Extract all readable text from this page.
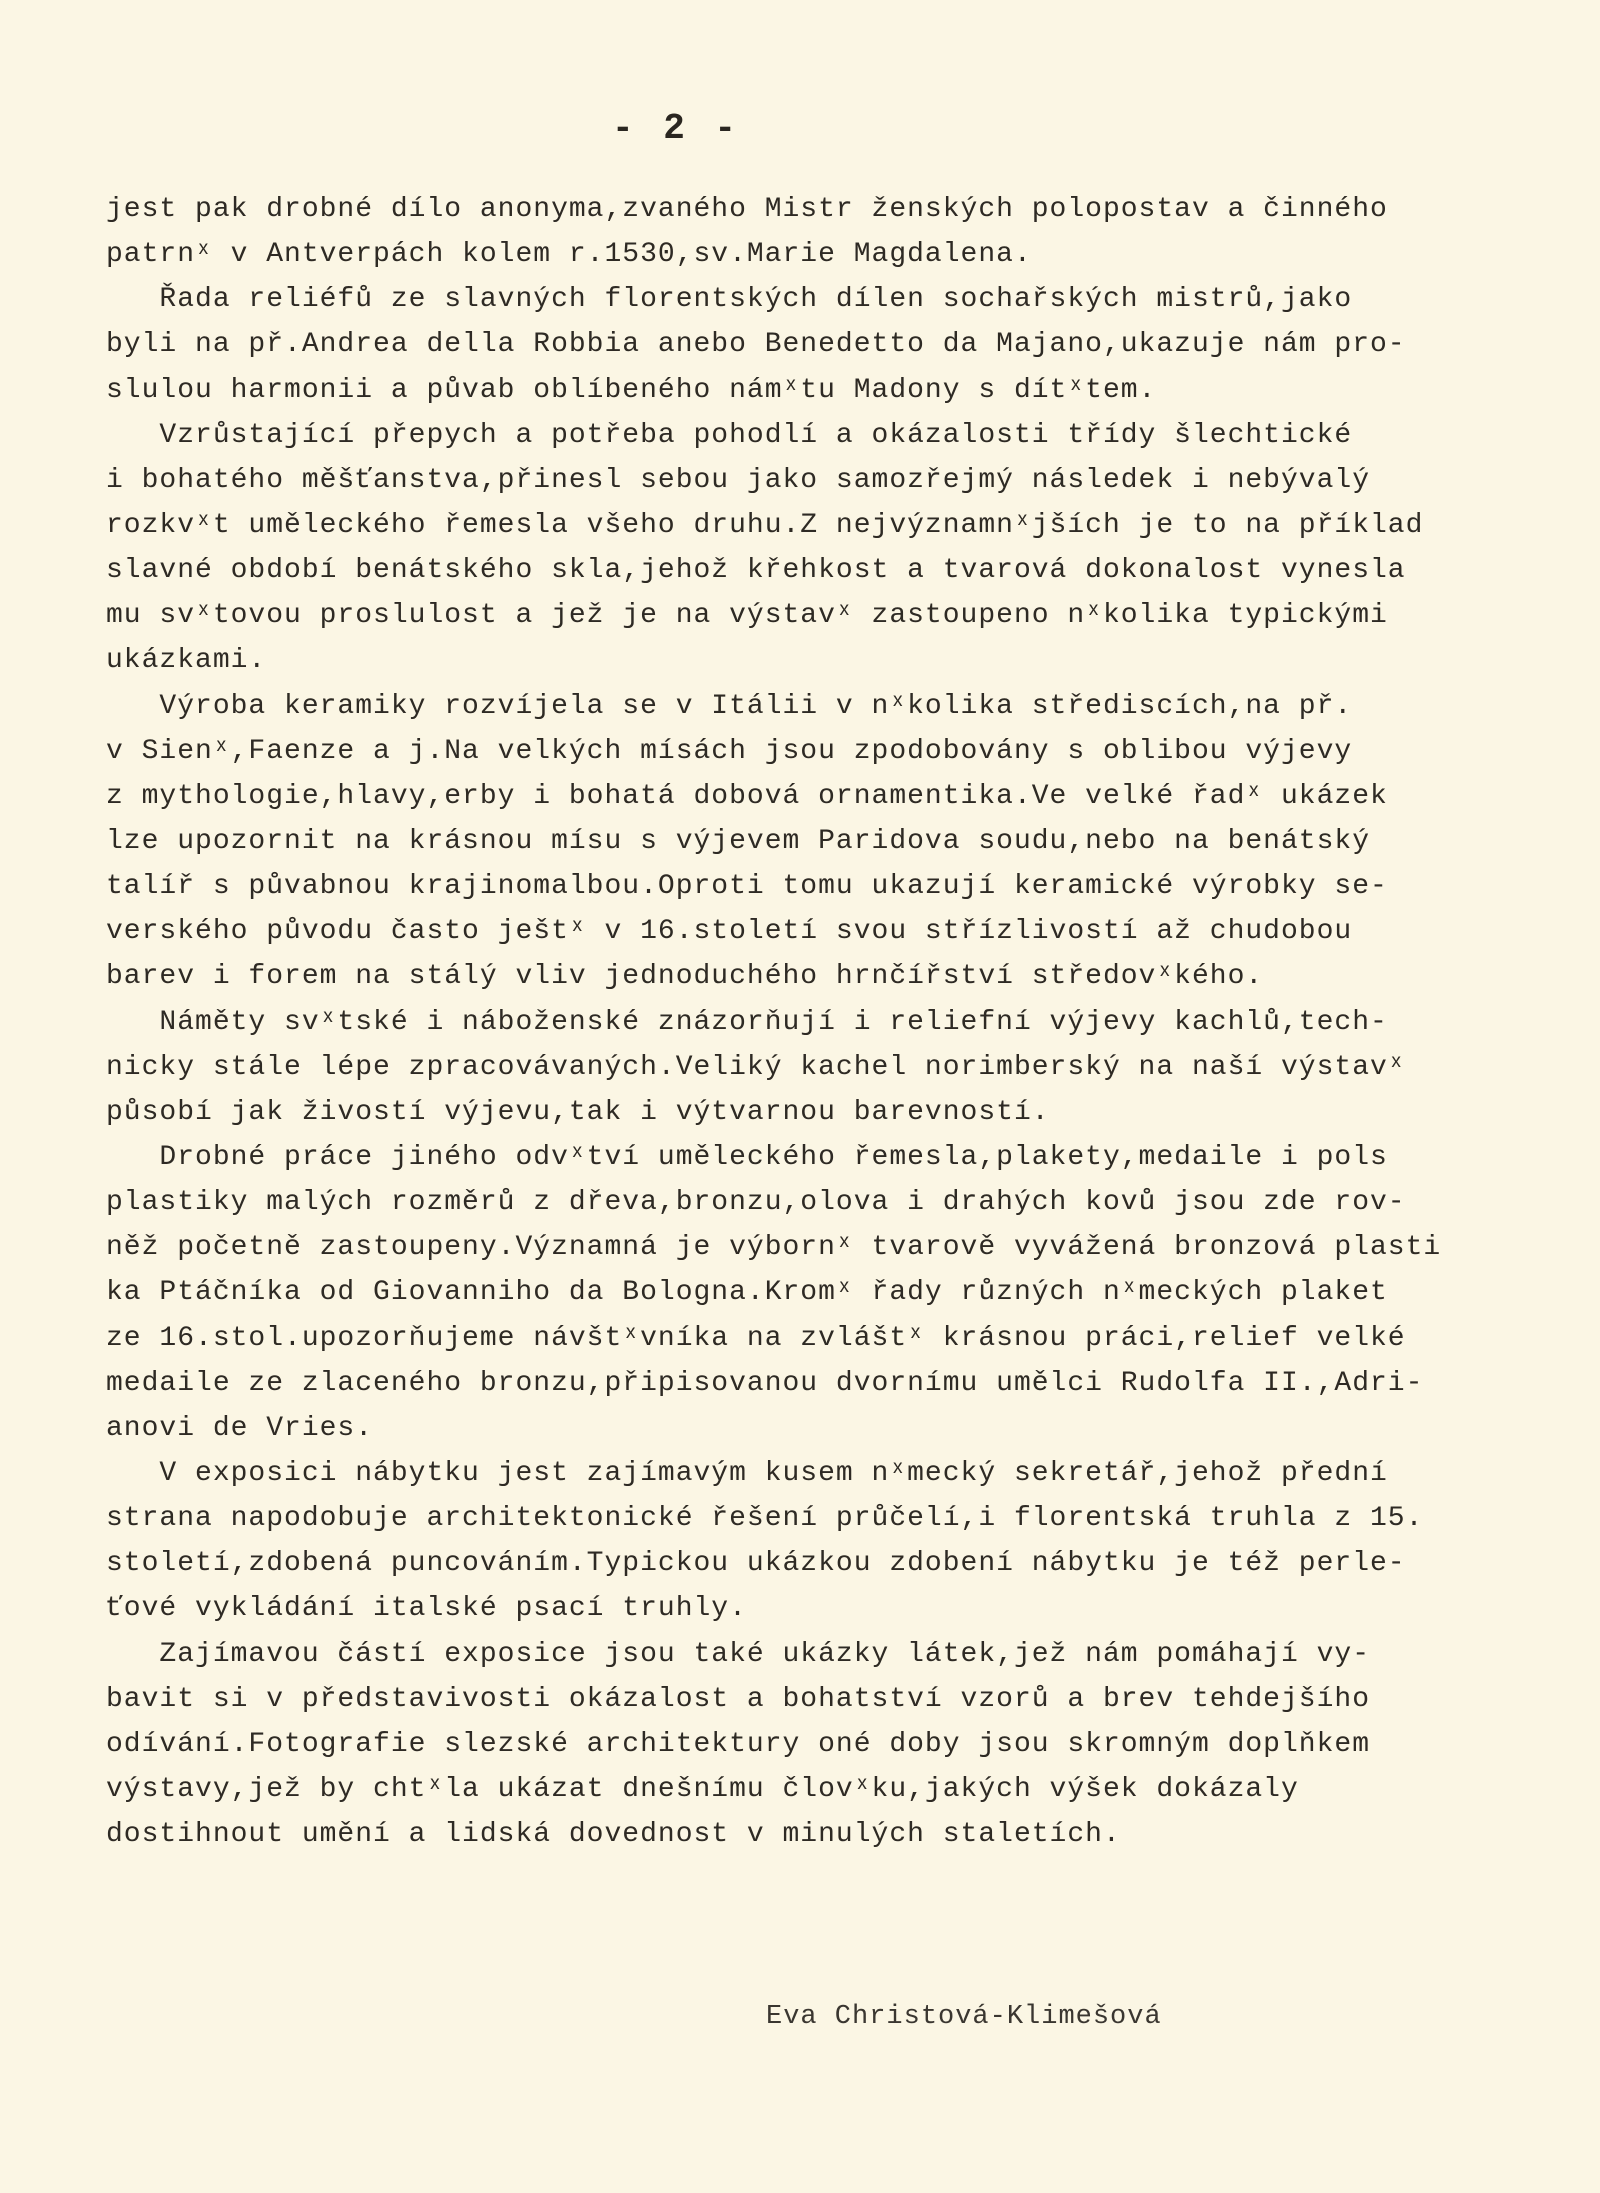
- 2 -
jest pak drobné dílo anonyma,zvaného Mistr ženských polopostav a činného
patrnˣ v Antverpách kolem r.1530,sv.Marie Magdalena.
Řada reliéfů ze slavných florentských dílen sochařských mistrů,jako
byli na př.Andrea della Robbia anebo Benedetto da Majano,ukazuje nám pro-
slulou harmonii a půvab oblíbeného námˣtu Madony s dítˣtem.
Vzrůstající přepych a potřeba pohodlí a okázalosti třídy šlechtické
i bohatého měšťanstva,přinesl sebou jako samozřejmý následek i nebývalý
rozkvˣt uměleckého řemesla všeho druhu.Z nejvýznamnˣjších je to na příklad
slavné období benátského skla,jehož křehkost a tvarová dokonalost vynesla
mu svˣtovou proslulost a jež je na výstavˣ zastoupeno nˣkolika typickými
ukázkami.
Výroba keramiky rozvíjela se v Itálii v nˣkolika střediscích,na př.
v Sienˣ,Faenze a j.Na velkých mísách jsou zpodobovány s oblibou výjevy
z mythologie,hlavy,erby i bohatá dobová ornamentika.Ve velké řadˣ ukázek
lze upozornit na krásnou mísu s výjevem Paridova soudu,nebo na benátský
talíř s půvabnou krajinomalbou.Oproti tomu ukazují keramické výrobky se-
verského původu často ještˣ v 16.století svou střízlivostí až chudobou
barev i forem na stálý vliv jednoduchého hrnčířství středovˣkého.
Náměty svˣtské i náboženské znázorňují i reliefní výjevy kachlů,tech-
nicky stále lépe zpracovávaných.Veliký kachel norimberský na naší výstavˣ
působí jak živostí výjevu,tak i výtvarnou barevností.
Drobné práce jiného odvˣtví uměleckého řemesla,plakety,medaile i pols
plastiky malých rozměrů z dřeva,bronzu,olova i drahých kovů jsou zde rov-
něž početně zastoupeny.Významná je výbornˣ tvarově vyvážená bronzová plasti
ka Ptáčníka od Giovanniho da Bologna.Kromˣ řady různých nˣmeckých plaket
ze 16.stol.upozorňujeme návštˣvníka na zvláštˣ krásnou práci,relief velké
medaile ze zlaceného bronzu,připisovanou dvornímu umělci Rudolfa II.,Adri-
anovi de Vries.
V exposici nábytku jest zajímavým kusem nˣmecký sekretář,jehož přední
strana napodobuje architektonické řešení průčelí,i florentská truhla z 15.
století,zdobená puncováním.Typickou ukázkou zdobení nábytku je též perle-
ťové vykládání italské psací truhly.
Zajímavou částí exposice jsou také ukázky látek,jež nám pomáhají vy-
bavit si v představivosti okázalost a bohatství vzorů a brev tehdejšího
odívání.Fotografie slezské architektury oné doby jsou skromným doplňkem
výstavy,jež by chtˣla ukázat dnešnímu človˣku,jakých výšek dokázaly
dostihnout umění a lidská dovednost v minulých staletích.
Eva Christová-Klimešová
